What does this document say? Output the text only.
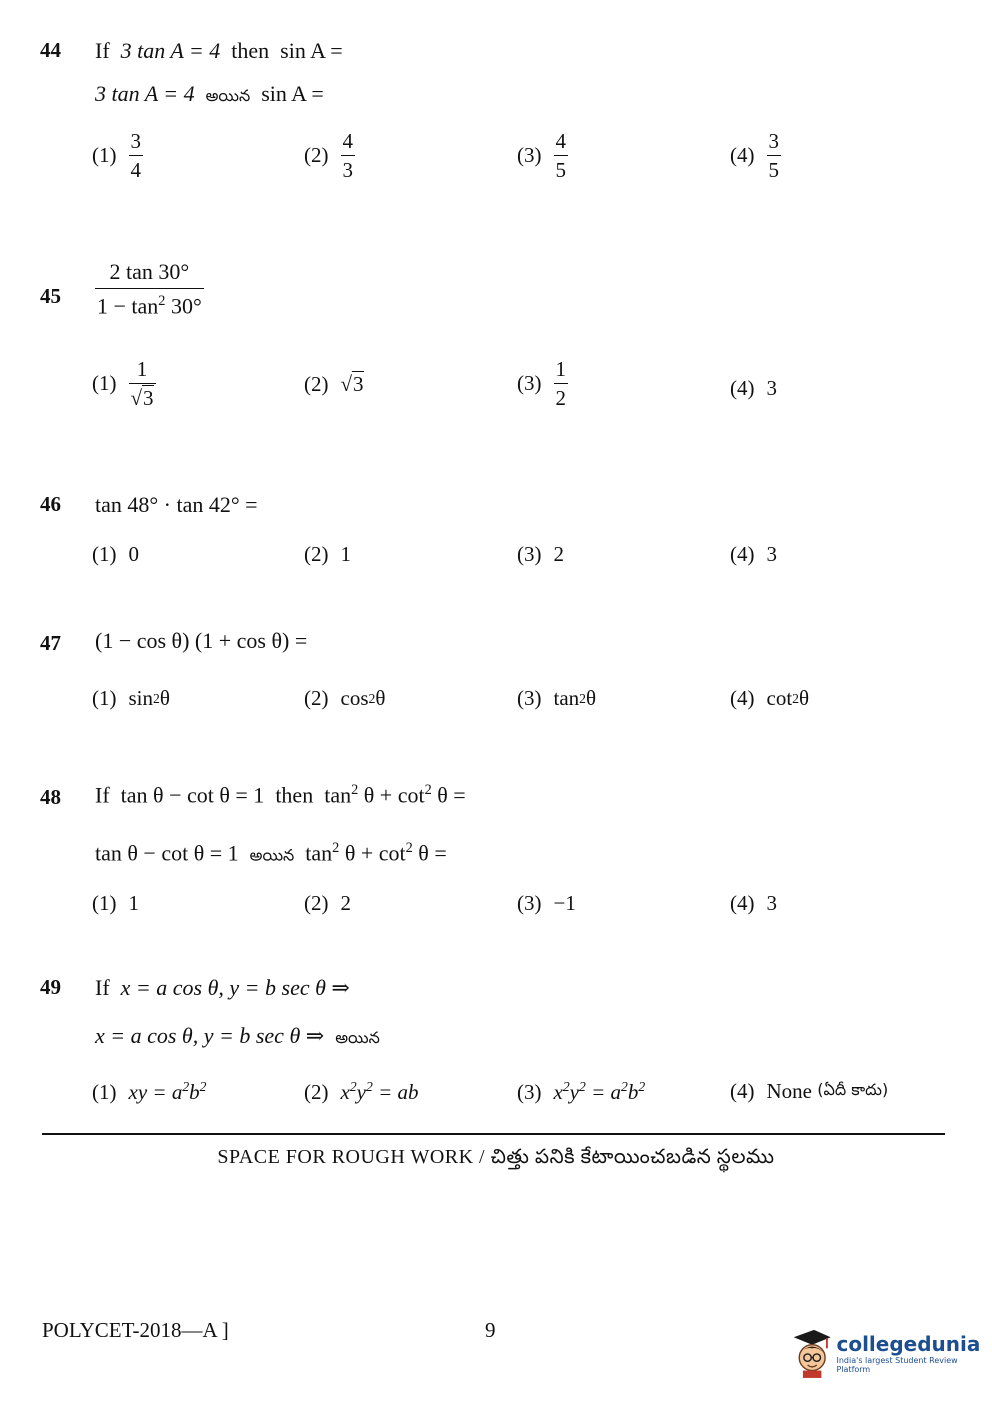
44 If 3 tan A = 4 then sin A =
3 tan A = 4 అయిన sin A =
$(1) \frac{3}{4}$	$(2) \frac{4}{3}$	$(3) \frac{4}{5}$	$(4) \frac{3}{5}$
$45 \frac{2 \tan 30^\circ}{1 - \tan^2 30^\circ}$
$(1) \frac{1}{√3}$	(2) √3	$(3) \frac{1}{2}$	(4) 3
46 tan 48° · tan 42° =
(1) 0	(2) 1	(3) 2	(4) 3
47 (1 − cos θ) (1 + cos θ) =
(1) sin 2 θ	(2) cos 2 θ	(3) tan 2 θ	(4) cot 2 θ
48 If tan θ − cot θ = 1 then $\tan^2 \theta + \cot^2 \theta$ =
tan θ − cot θ = 1 అయిన $\tan^2 \theta + \cot^2 \theta$ =
(1) 1	(2) 2	(3) −1	(4) 3
49 If x = a cos θ, y = b sec θ ⇒
x = a cos θ, y = b sec θ ⇒ అయిన
(1) xy = $a^2b^2$	(2) $x^2y^2$ = ab	(3) $x^2y^2 = a^2b^2$	(4) None
(ఏదీ కాదు)
SPACE FOR ROUGH WORK / చిత్తు పనికి కేటాయించబడిన స్థలము
POLYCET-2018—A ]	9
collegedunia
India's largest Student Review Platform
